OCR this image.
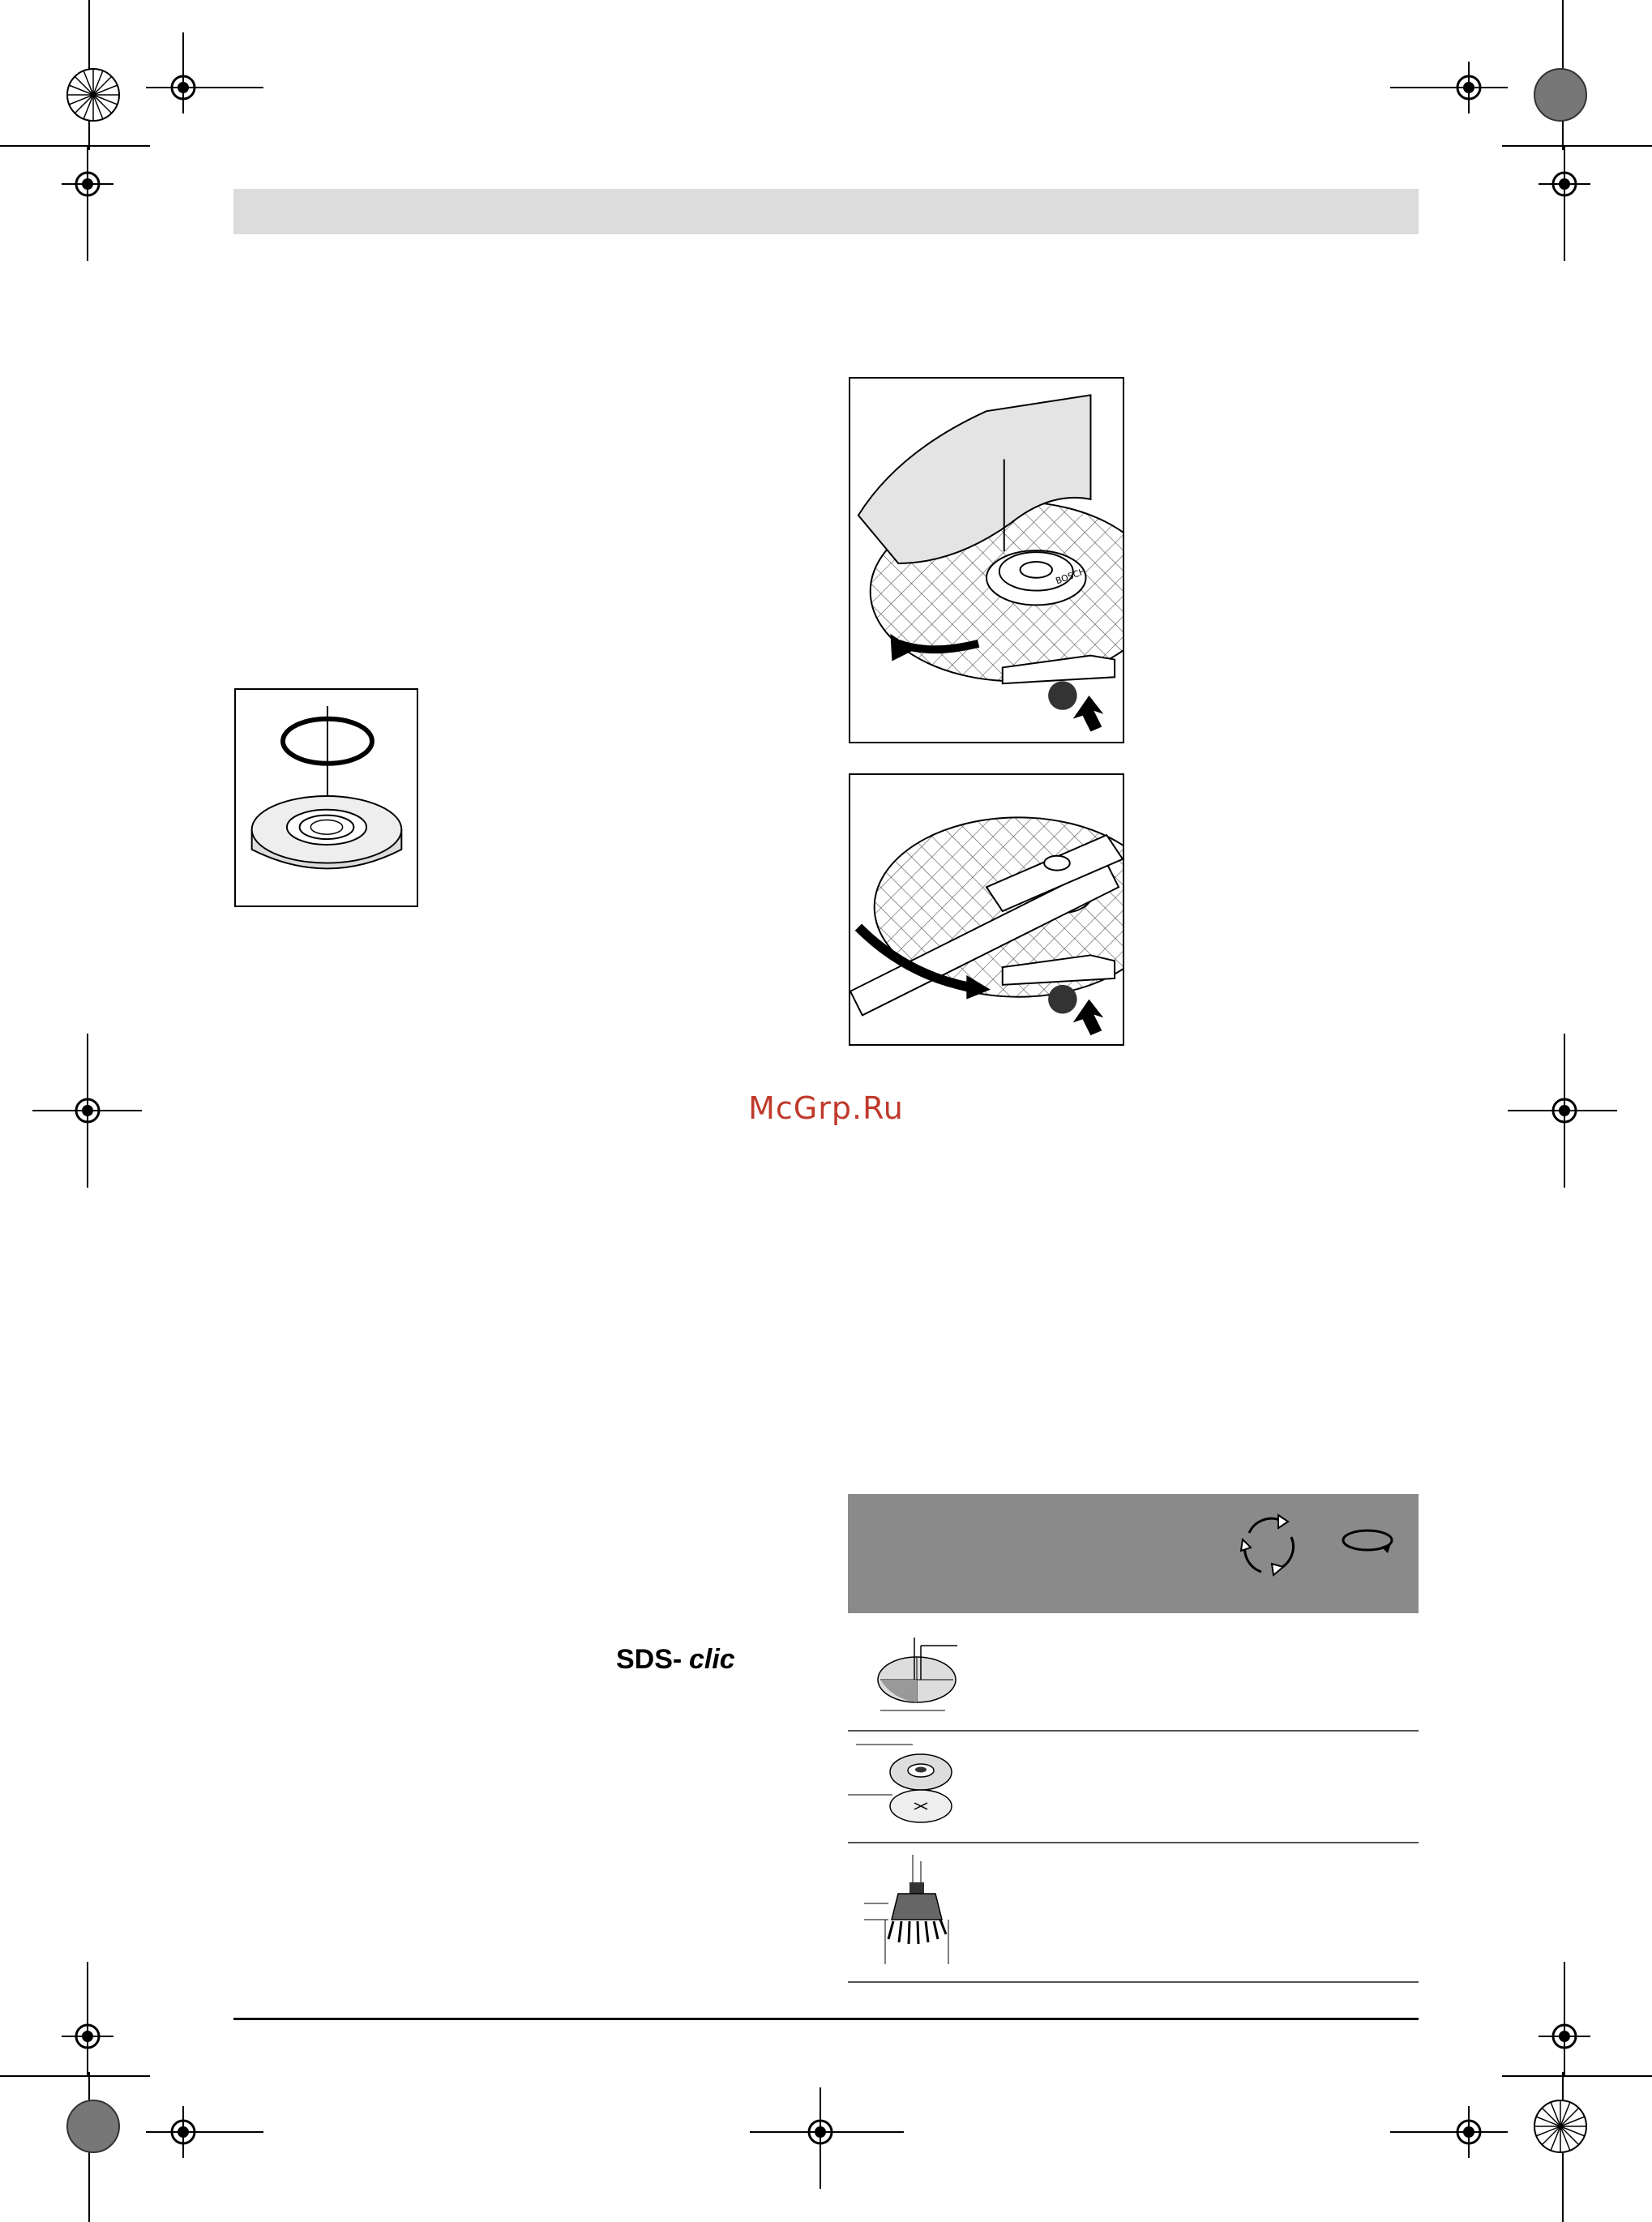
BOSCH
McGrp.Ru
SDS- clic
